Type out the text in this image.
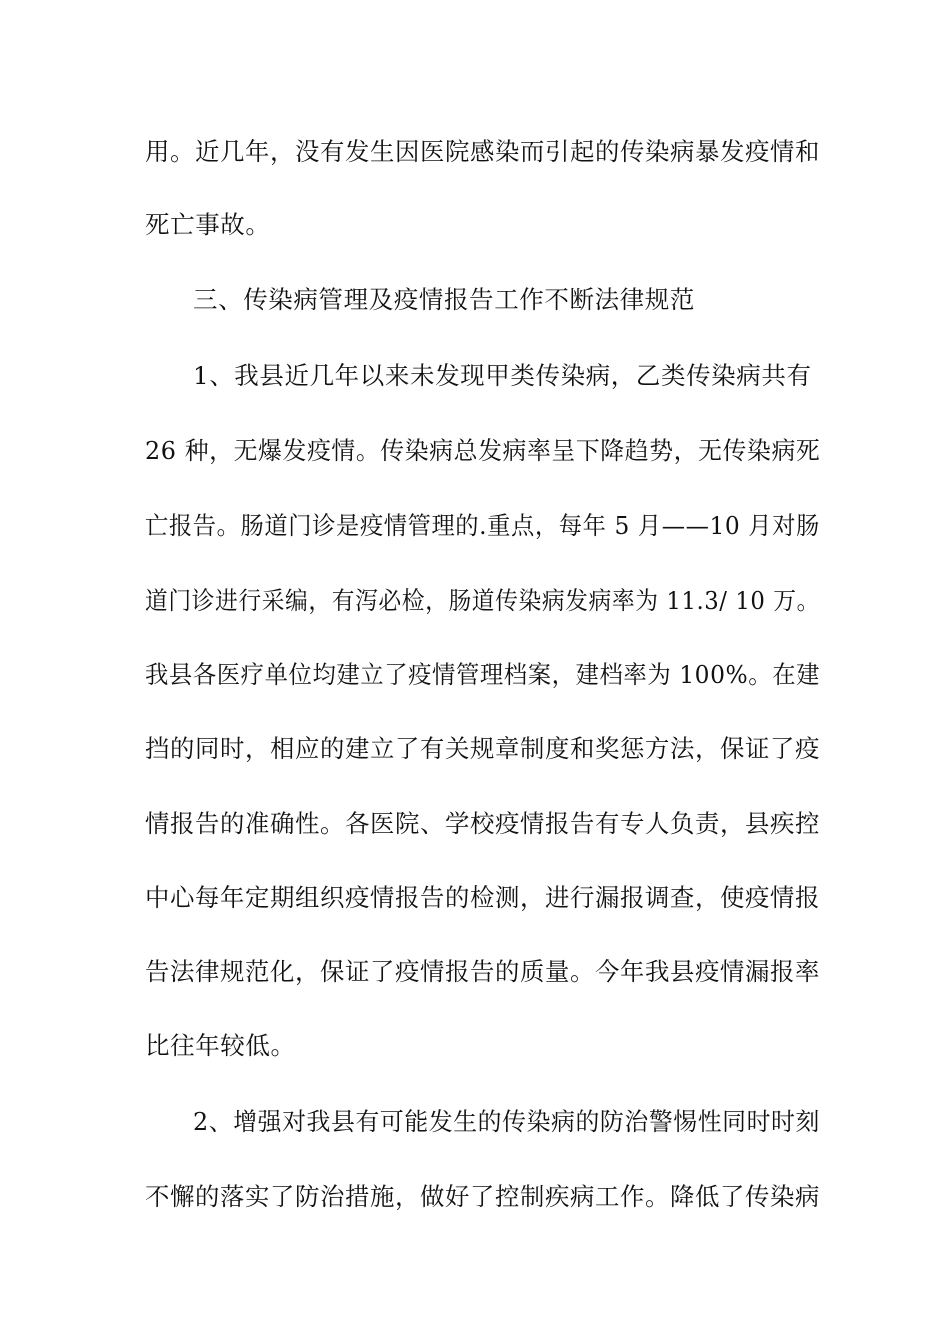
用。近几年，没有发生因医院感染而引起的传染病暴发疫情和
死亡事故。
三、传染病管理及疫情报告工作不断法律规范
1、我县近几年以来未发现甲类传染病，乙类传染病共有
26 种，无爆发疫情。传染病总发病率呈下降趋势，无传染病死
亡报告。肠道门诊是疫情管理的.重点，每年 5 月——10 月对肠
道门诊进行采编，有泻必检，肠道传染病发病率为 11.3/ 10 万。
我县各医疗单位均建立了疫情管理档案，建档率为 100%。在建
挡的同时，相应的建立了有关规章制度和奖惩方法，保证了疫
情报告的准确性。各医院、学校疫情报告有专人负责，县疾控
中心每年定期组织疫情报告的检测，进行漏报调查，使疫情报
告法律规范化，保证了疫情报告的质量。今年我县疫情漏报率
比往年较低。
2、增强对我县有可能发生的传染病的防治警惕性同时时刻
不懈的落实了防治措施，做好了控制疾病工作。降低了传染病
